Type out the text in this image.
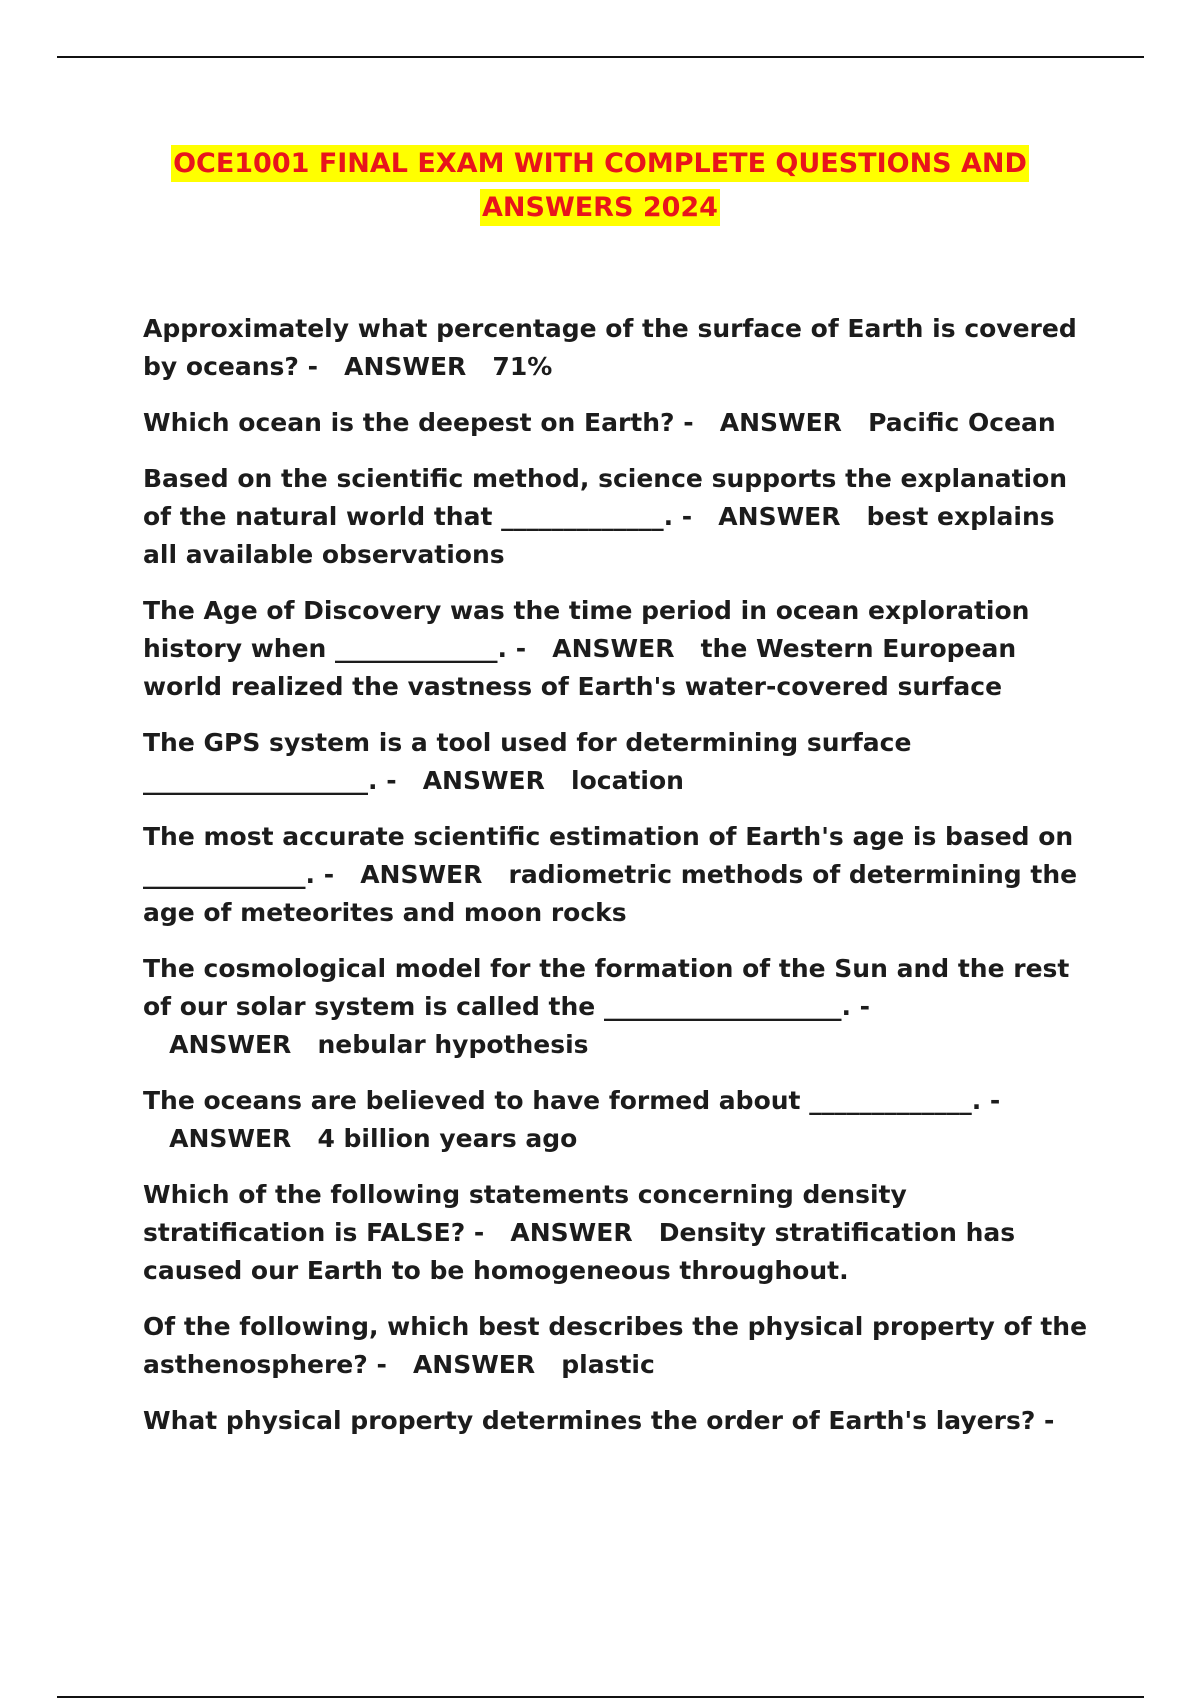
OCE1001 FINAL EXAM WITH COMPLETE QUESTIONS AND
ANSWERS 2024

Approximately what percentage of the surface of Earth is covered by oceans? - ANSWER 71%

Which ocean is the deepest on Earth? - ANSWER Pacific Ocean

Based on the scientific method, science supports the explanation of the natural world that _____________. - ANSWER best explains all available observations

The Age of Discovery was the time period in ocean exploration history when _____________. - ANSWER the Western European world realized the vastness of Earth's water-covered surface

The GPS system is a tool used for determining surface __________________. - ANSWER location

The most accurate scientific estimation of Earth's age is based on _____________. - ANSWER radiometric methods of determining the age of meteorites and moon rocks

The cosmological model for the formation of the Sun and the rest of our solar system is called the ___________________. -   ANSWER nebular hypothesis

The oceans are believed to have formed about _____________. -   ANSWER 4 billion years ago

Which of the following statements concerning density stratification is FALSE? - ANSWER Density stratification has caused our Earth to be homogeneous throughout.

Of the following, which best describes the physical property of the asthenosphere? - ANSWER plastic

What physical property determines the order of Earth's layers? -
